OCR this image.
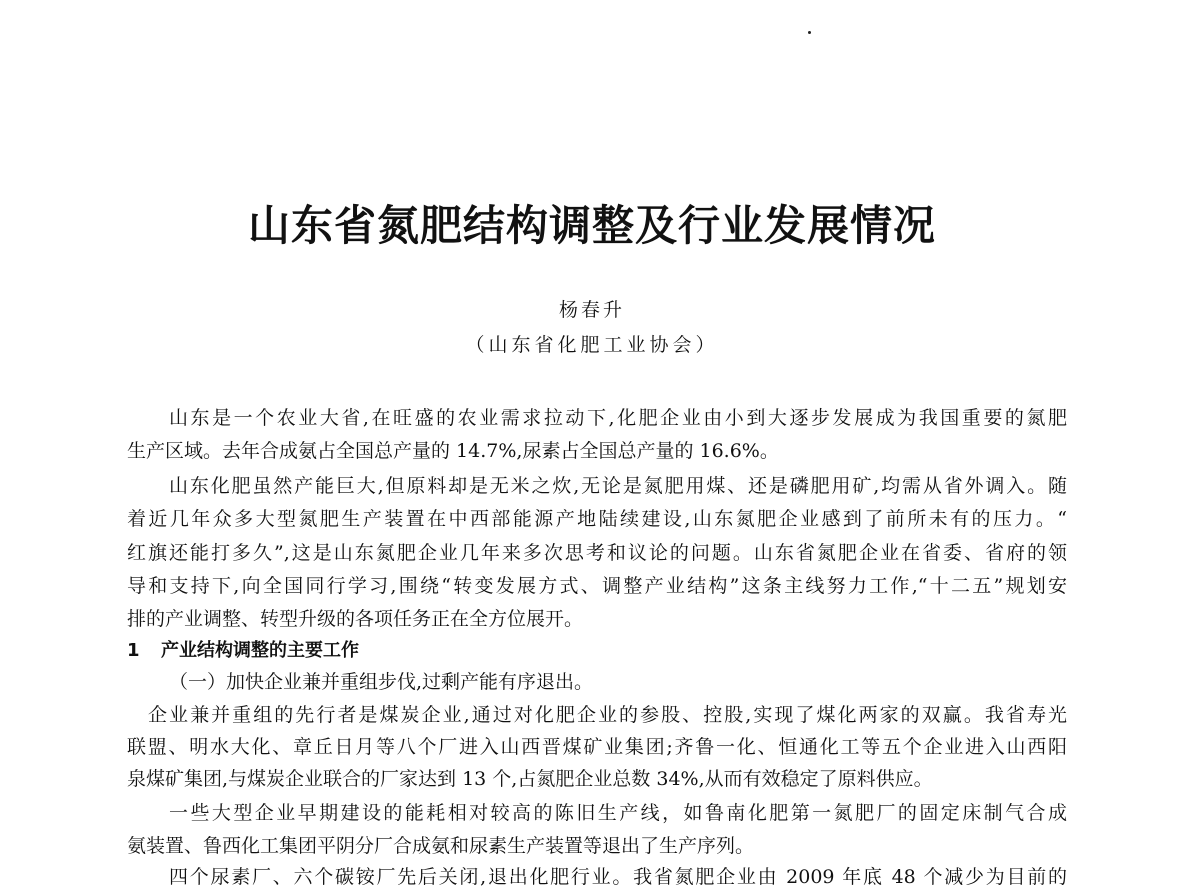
山东省氮肥结构调整及行业发展情况
杨春升
（山东省化肥工业协会）
山东是一个农业大省,在旺盛的农业需求拉动下,化肥企业由小到大逐步发展成为我国重要的氮肥
生产区域。去年合成氨占全国总产量的 14.7%,尿素占全国总产量的 16.6%。
山东化肥虽然产能巨大,但原料却是无米之炊,无论是氮肥用煤、还是磷肥用矿,均需从省外调入。随
着近几年众多大型氮肥生产装置在中西部能源产地陆续建设,山东氮肥企业感到了前所未有的压力。“
红旗还能打多久”,这是山东氮肥企业几年来多次思考和议论的问题。山东省氮肥企业在省委、省府的领
导和支持下,向全国同行学习,围绕“转变发展方式、调整产业结构”这条主线努力工作,“十二五”规划安
排的产业调整、转型升级的各项任务正在全方位展开。
1 产业结构调整的主要工作
（一）加快企业兼并重组步伐,过剩产能有序退出。
企业兼并重组的先行者是煤炭企业,通过对化肥企业的参股、控股,实现了煤化两家的双赢。我省寿光
联盟、明水大化、章丘日月等八个厂进入山西晋煤矿业集团;齐鲁一化、恒通化工等五个企业进入山西阳
泉煤矿集团,与煤炭企业联合的厂家达到 13 个,占氮肥企业总数 34%,从而有效稳定了原料供应。
一些大型企业早期建设的能耗相对较高的陈旧生产线，如鲁南化肥第一氮肥厂的固定床制气合成
氨装置、鲁西化工集团平阴分厂合成氨和尿素生产装置等退出了生产序列。
四个尿素厂、六个碳铵厂先后关闭,退出化肥行业。我省氮肥企业由 2009 年底 48 个减少为目前的
